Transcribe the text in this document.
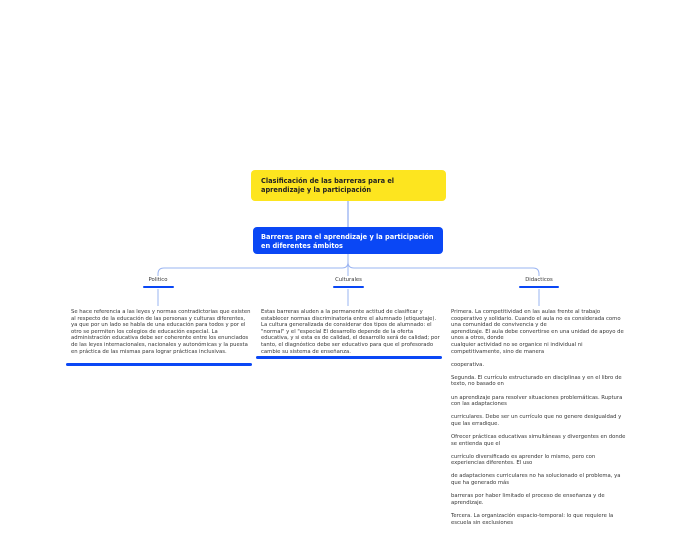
Clasificación de las barreras para el aprendizaje y la participación
Barreras para el aprendizaje y la participación en diferentes ámbitos
Politico	Culturales	Didacticos
Se hace referencia a las leyes y normas contradictorias que existen al respecto de la educación de las personas y culturas diferentes, ya que por un lado se habla de una educación para todos y por el otro se permiten los colegios de educación especial. La administración educativa debe ser coherente entre los enunciados de las leyes internacionales, nacionales y autonómicas y la puesta en práctica de las mismas para lograr prácticas inclusivas.
Estas barreras aluden a la permanente actitud de clasificar y establecer normas discriminatoria entre el alumnado (etiquetaje). La cultura generalizada de considerar dos tipos de alumnado: el "normal" y el "especial El desarrollo depende de la oferta educativa, y si esta es de calidad, el desarrollo será de calidad; por tanto, el diagnóstico debe ser educativo para que el profesorado cambie su sistema de enseñanza.

Primera. La competitividad en las aulas frente al trabajo cooperativo y solidario. Cuando el aula no es considerada como una comunidad de convivencia y de
aprendizaje. El aula debe convertirse en una unidad de apoyo de unos a otros, donde
cualquier actividad no se organice ni individual ni competitivamente, sino de manera

cooperativa.

Segunda. El currículo estructurado en disciplinas y en el libro de texto, no basado en

un aprendizaje para resolver situaciones problemáticas. Ruptura con las adaptaciones

curriculares. Debe ser un currículo que no genere desigualdad y que las erradique.

Ofrecer prácticas educativas simultáneas y divergentes en donde se entienda que el

currículo diversificado es aprender lo mismo, pero con experiencias diferentes. El uso

de adaptaciones curriculares no ha solucionado el problema, ya que ha generado más

barreras por haber limitado el proceso de enseñanza y de aprendizaje.

Tercera. La organización espacio-temporal: lo que requiere la escuela sin exclusiones
